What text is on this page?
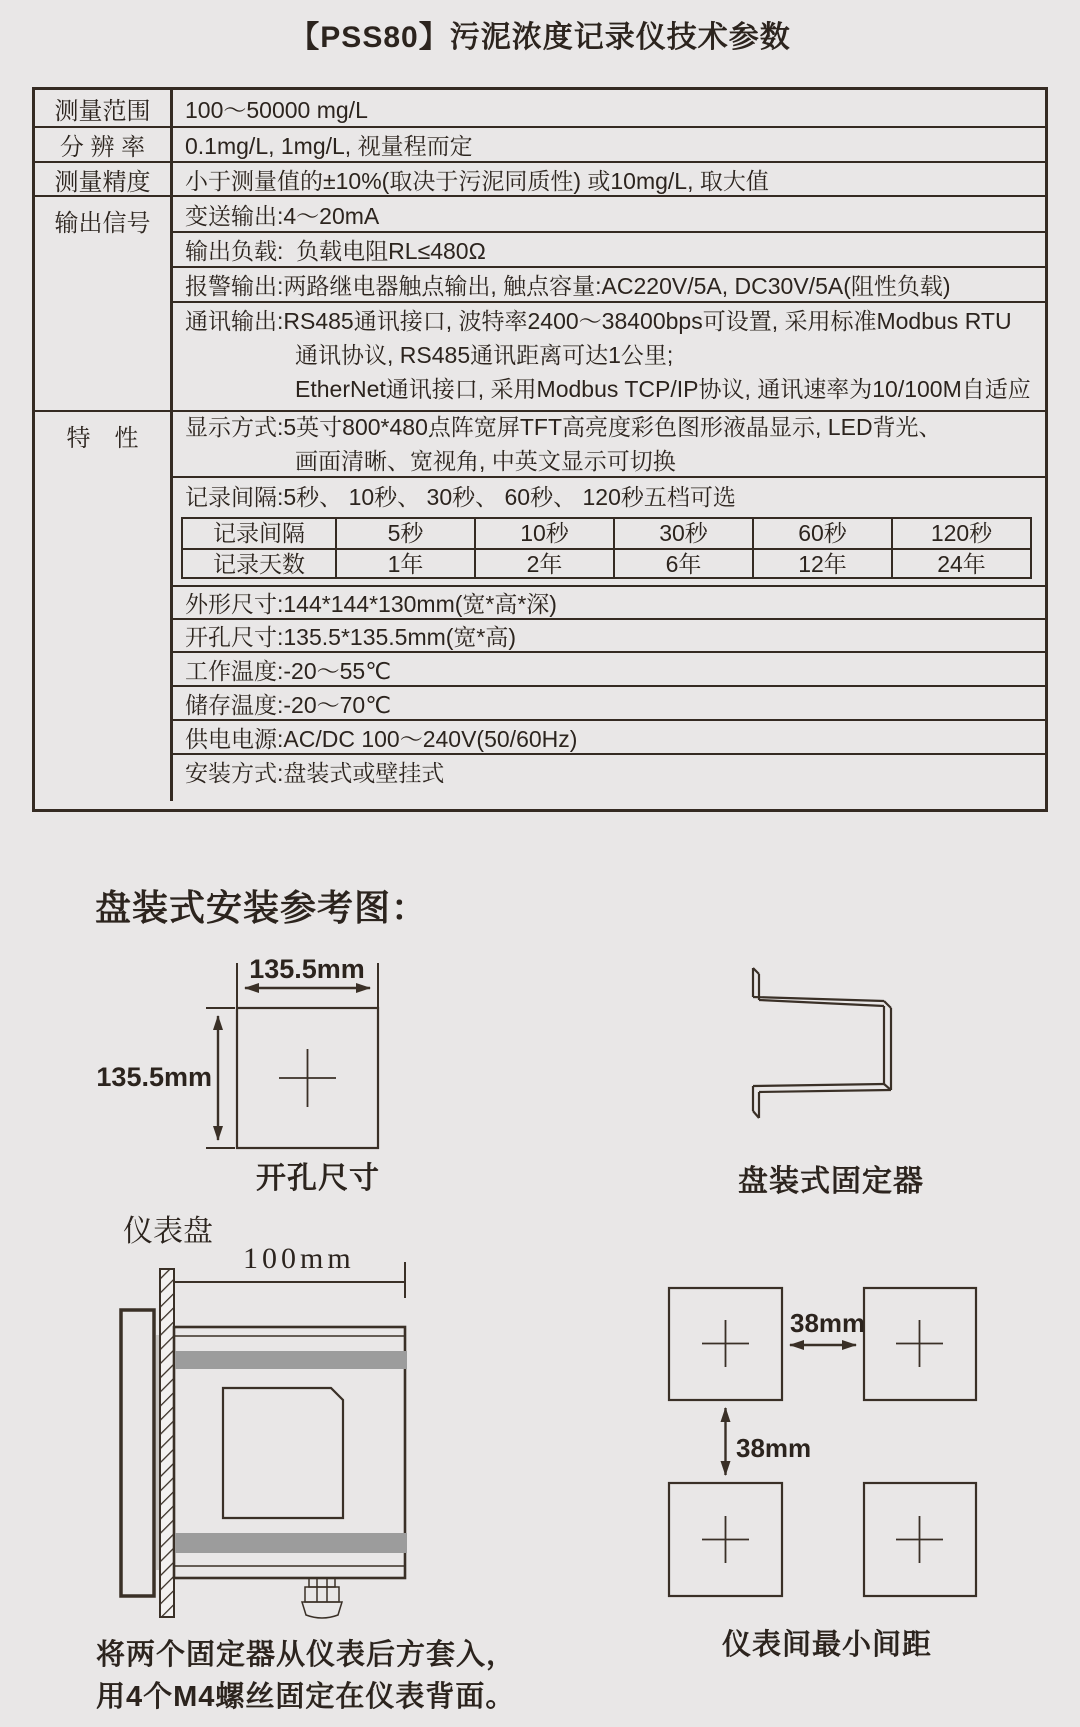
【PSS80】污泥浓度记录仪技术参数
测量范围	100～50000 mg/L
分 辨 率	0.1mg/L, 1mg/L, 视量程而定
测量精度	小于测量值的±10%(取决于污泥同质性) 或10mg/L, 取大值
输出信号	变送输出:4～20mA
输出负载:  负载电阻RL≤480Ω
报警输出:两路继电器触点输出, 触点容量:AC220V/5A, DC30V/5A(阻性负载)
通讯输出:RS485通讯接口, 波特率2400～38400bps可设置, 采用标准Modbus RTU
通讯协议, RS485通讯距离可达1公里;
EtherNet通讯接口, 采用Modbus TCP/IP协议, 通讯速率为10/100M自适应
特　性	显示方式:5英寸800*480点阵宽屏TFT高亮度彩色图形液晶显示, LED背光、
画面清晰、宽视角, 中英文显示可切换
记录间隔:5秒、 10秒、 30秒、 60秒、 120秒五档可选
记录间隔	5秒	10秒	30秒	60秒	120秒
记录天数	1年	2年	6年	12年	24年
外形尺寸:144*144*130mm(宽*高*深)
开孔尺寸:135.5*135.5mm(宽*高)
工作温度:-20～55℃
储存温度:-20～70℃
供电电源:AC/DC 100～240V(50/60Hz)
安装方式:盘装式或壁挂式
盘装式安装参考图：
135.5mm
135.5mm
开孔尺寸	盘装式固定器
仪表盘
100mm
38mm
38mm
仪表间最小间距
将两个固定器从仪表后方套入，
用4个M4螺丝固定在仪表背面。
